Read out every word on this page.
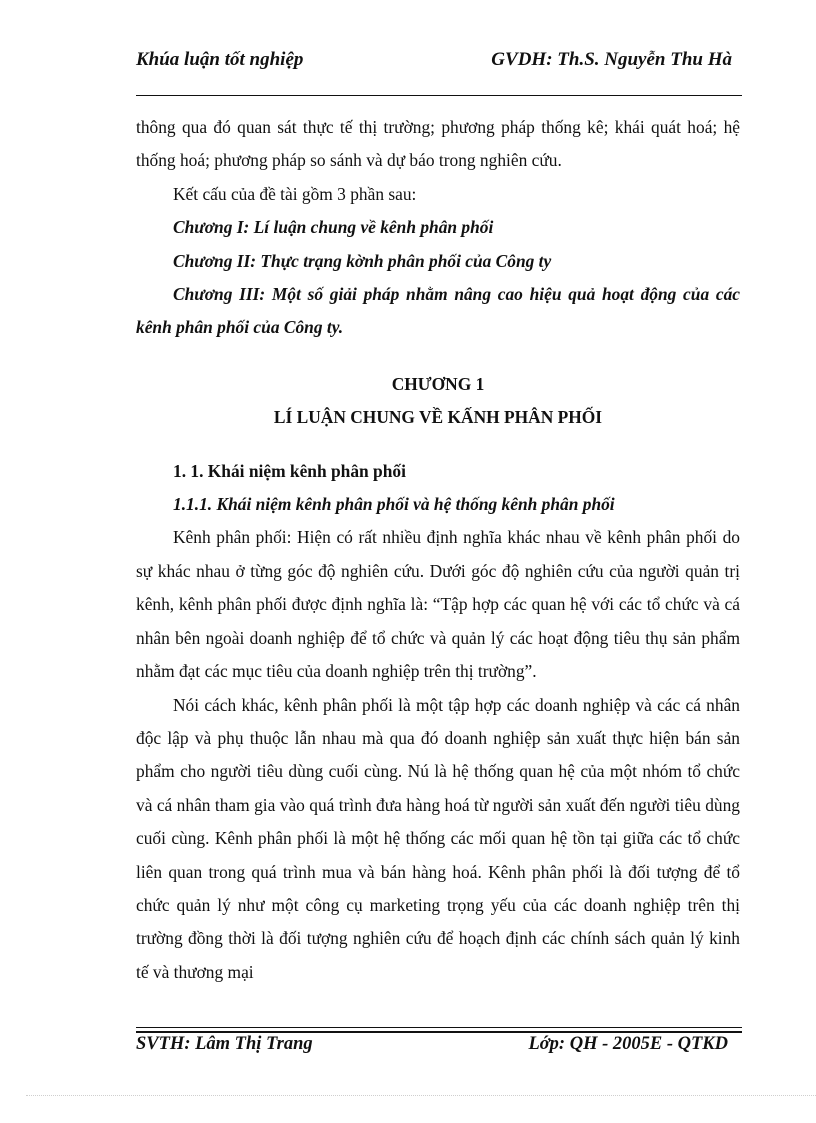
Khúa luận tốt nghiệp	GVDH: Th.S. Nguyễn Thu Hà

thông qua đó quan sát thực tế thị trường; phương pháp thống kê; khái quát hoá; hệ thống hoá; phương pháp so sánh và dự báo trong nghiên cứu.

Kết cấu của đề tài gồm 3 phần sau:

Chương I: Lí luận chung về kênh phân phối

Chương II: Thực trạng kờnh phân phối của Công ty

Chương III: Một số giải pháp nhằm nâng cao hiệu quả hoạt động của các kênh phân phối của Công ty.

CHƯƠNG 1

LÍ LUẬN CHUNG VỀ KẤNH PHÂN PHỐI

1. 1. Khái niệm kênh phân phối

1.1.1. Khái niệm kênh phân phối và hệ thống kênh phân phối

Kênh phân phối: Hiện có rất nhiều định nghĩa khác nhau về kênh phân phối do sự khác nhau ở từng góc độ nghiên cứu. Dưới góc độ nghiên cứu của người quản trị kênh, kênh phân phối được định nghĩa là: “Tập hợp các quan hệ với các tổ chức và cá nhân bên ngoài doanh nghiệp để tổ chức và quản lý các hoạt động tiêu thụ sản phẩm nhằm đạt các mục tiêu của doanh nghiệp trên thị trường”.

Nói cách khác, kênh phân phối là một tập hợp các doanh nghiệp và các cá nhân độc lập và phụ thuộc lẫn nhau mà qua đó doanh nghiệp sản xuất thực hiện bán sản phẩm cho người tiêu dùng cuối cùng. Nú là hệ thống quan hệ của một nhóm tổ chức và cá nhân tham gia vào quá trình đưa hàng hoá từ người sản xuất đến người tiêu dùng cuối cùng. Kênh phân phối là một hệ thống các mối quan hệ tồn tại giữa các tổ chức liên quan trong quá trình mua và bán hàng hoá. Kênh phân phối là đối tượng để tổ chức quản lý như một công cụ marketing trọng yếu của các doanh nghiệp trên thị trường đồng thời là đối tượng nghiên cứu để hoạch định các chính sách quản lý kinh tế và thương mại

SVTH: Lâm Thị Trang	Lớp: QH - 2005E - QTKD
